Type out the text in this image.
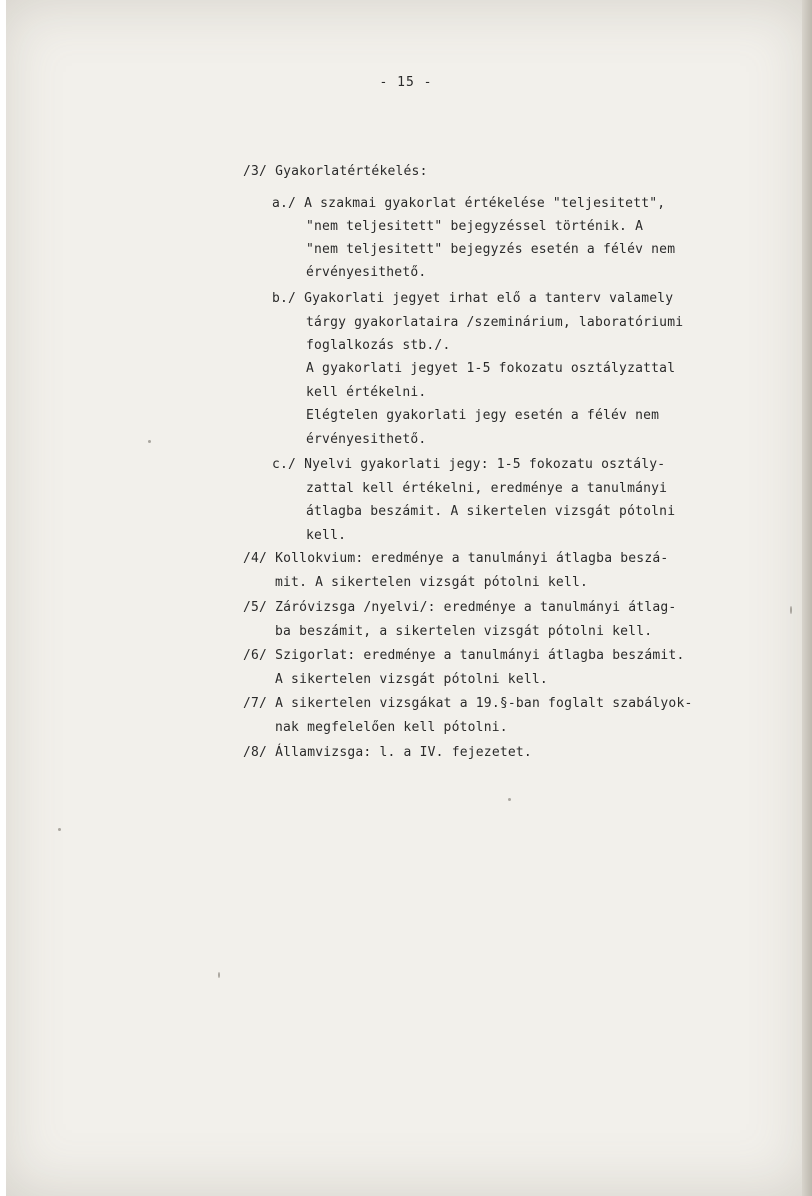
- 15 -
/3/ Gyakorlatértékelés:
a./ A szakmai gyakorlat értékelése "teljesitett",
"nem teljesitett" bejegyzéssel történik. A
"nem teljesitett" bejegyzés esetén a félév nem
érvényesithető.
b./ Gyakorlati jegyet irhat elő a tanterv valamely
tárgy gyakorlataira /szeminárium, laboratóriumi
foglalkozás stb./.
A gyakorlati jegyet 1-5 fokozatu osztályzattal
kell értékelni.
Elégtelen gyakorlati jegy esetén a félév nem
érvényesithető.
c./ Nyelvi gyakorlati jegy: 1-5 fokozatu osztály-
zattal kell értékelni, eredménye a tanulmányi
átlagba beszámit. A sikertelen vizsgát pótolni
kell.
/4/ Kollokvium: eredménye a tanulmányi átlagba beszá-
mit. A sikertelen vizsgát pótolni kell.
/5/ Záróvizsga /nyelvi/: eredménye a tanulmányi átlag-
ba beszámit, a sikertelen vizsgát pótolni kell.
/6/ Szigorlat: eredménye a tanulmányi átlagba beszámit.
A sikertelen vizsgát pótolni kell.
/7/ A sikertelen vizsgákat a 19.§-ban foglalt szabályok-
nak megfelelően kell pótolni.
/8/ Államvizsga: l. a IV. fejezetet.
